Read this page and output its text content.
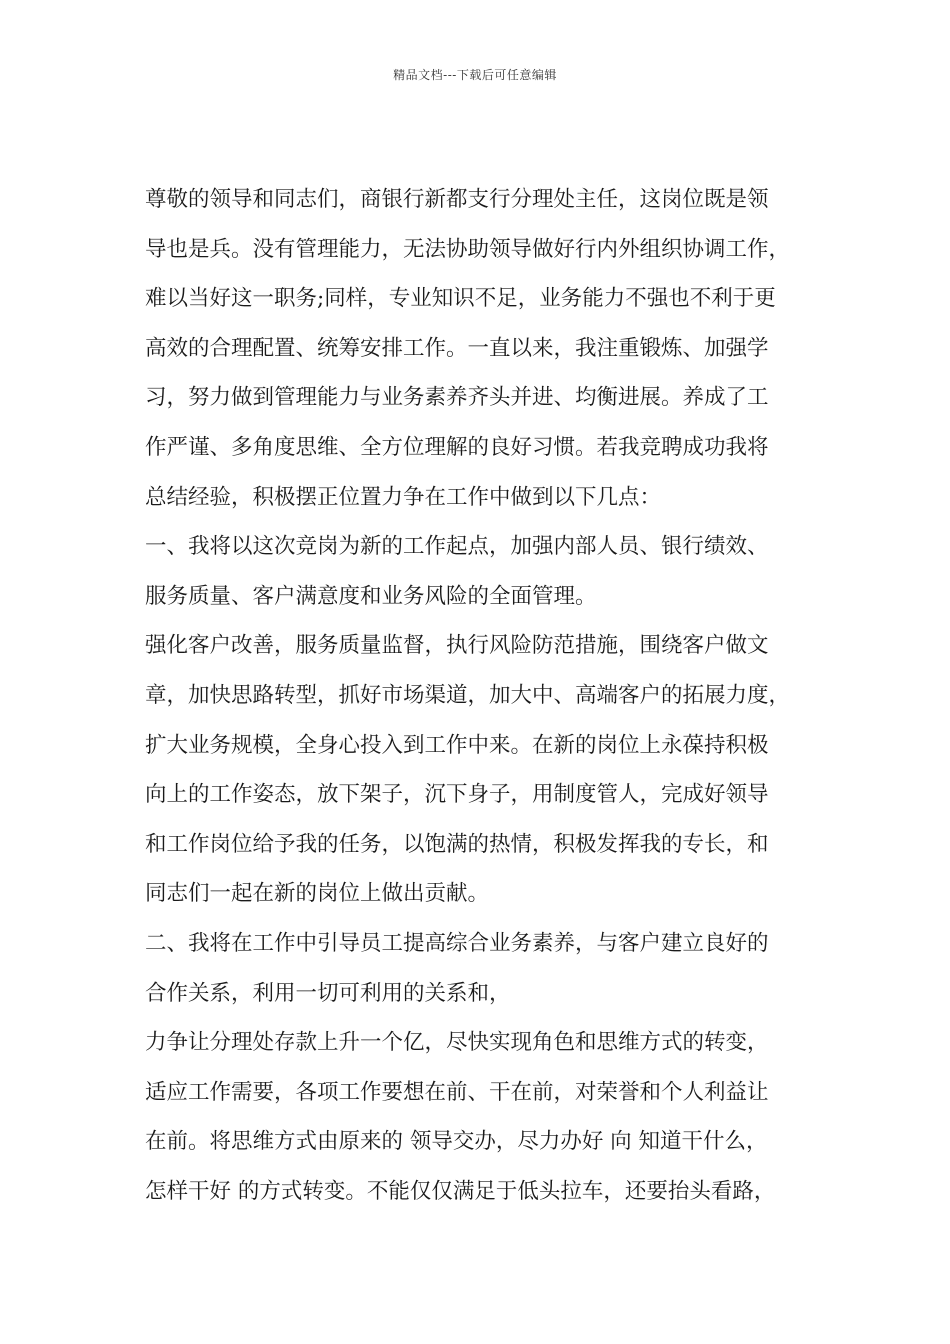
精品文档---下载后可任意编辑
尊敬的领导和同志们，商银行新都支行分理处主任，这岗位既是领
导也是兵。没有管理能力，无法协助领导做好行内外组织协调工作，
难以当好这一职务;同样，专业知识不足，业务能力不强也不利于更
高效的合理配置、统筹安排工作。一直以来，我注重锻炼、加强学
习，努力做到管理能力与业务素养齐头并进、均衡进展。养成了工
作严谨、多角度思维、全方位理解的良好习惯。若我竞聘成功我将
总结经验，积极摆正位置力争在工作中做到以下几点：
一、我将以这次竞岗为新的工作起点，加强内部人员、银行绩效、
服务质量、客户满意度和业务风险的全面管理。
强化客户改善，服务质量监督，执行风险防范措施，围绕客户做文
章，加快思路转型，抓好市场渠道，加大中、高端客户的拓展力度，
扩大业务规模，全身心投入到工作中来。在新的岗位上永葆持积极
向上的工作姿态，放下架子，沉下身子，用制度管人，完成好领导
和工作岗位给予我的任务，以饱满的热情，积极发挥我的专长，和
同志们一起在新的岗位上做出贡献。
二、我将在工作中引导员工提高综合业务素养，与客户建立良好的
合作关系，利用一切可利用的关系和，
力争让分理处存款上升一个亿，尽快实现角色和思维方式的转变，
适应工作需要，各项工作要想在前、干在前，对荣誉和个人利益让
在前。将思维方式由原来的 领导交办，尽力办好 向 知道干什么，
怎样干好 的方式转变。不能仅仅满足于低头拉车，还要抬头看路，
